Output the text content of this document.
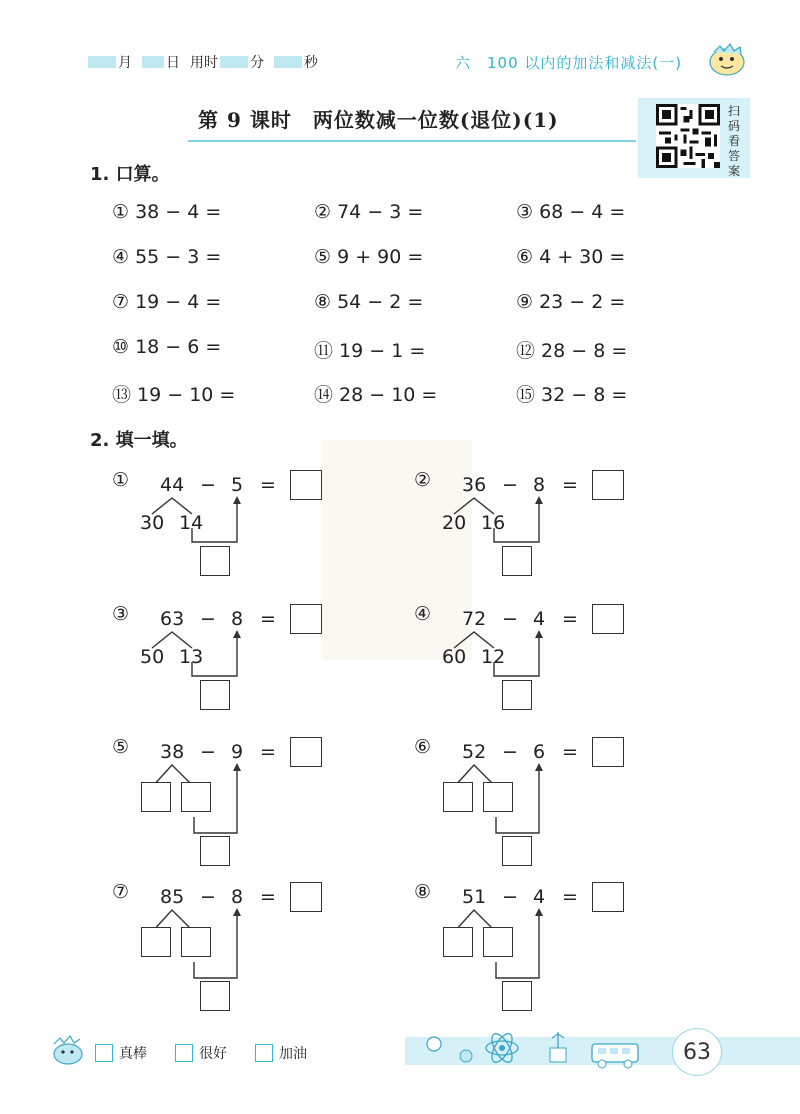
月 日 用时 分	秒	六　100 以内的加法和减法(一)
第 9 课时　两位数减一位数(退位)(1)	扫码看答案
1. 口算。
① 38 − 4 =	② 74 − 3 =	③ 68 − 4 =
④ 55 − 3 =	⑤ 9 + 90 =	⑥ 4 + 30 =
⑦ 19 − 4 =	⑧ 54 − 2 =	⑨ 23 − 2 =
⑩ 18 − 6 =	⑪ 19 − 1 =	⑫ 28 − 8 =
⑬ 19 − 10 =	⑭ 28 − 10 =	⑮ 32 − 8 =
2. 填一填。
① 44 − 5 =
30 14
② 36 − 8 =
20 16
③ 63 − 8 =
50 13
④ 72 − 4 =
60 12
⑤ 38 − 9 =	⑥ 52 − 6 =
⑦ 85 − 8 =	⑧ 51 − 4 =
真棒	很好	加油	63
